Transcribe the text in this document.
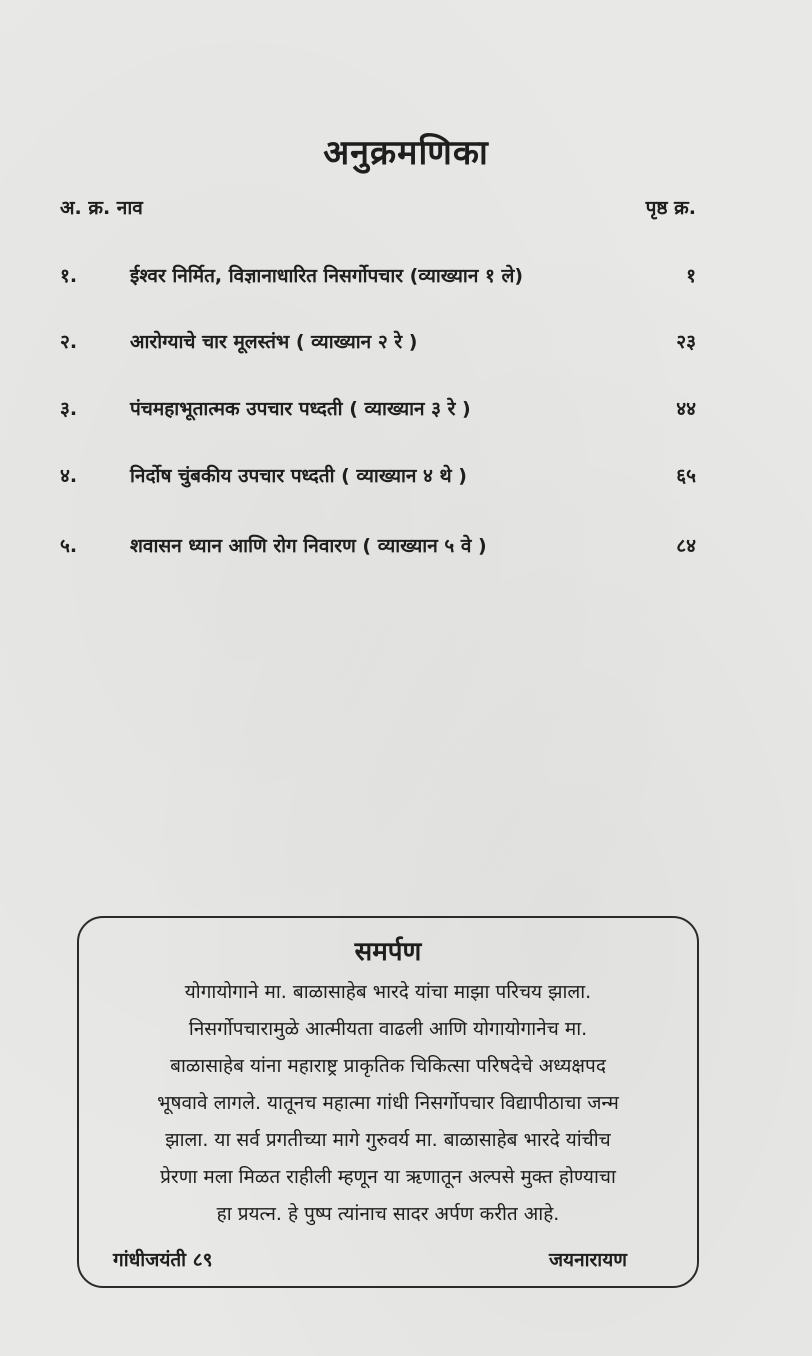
अनुक्रमणिका
अ. क्र. नाव	पृष्ठ क्र.
१.	ईश्वर निर्मित, विज्ञानाधारित निसर्गोपचार (व्याख्यान १ ले)	१
२.	आरोग्याचे चार मूलस्तंभ ( व्याख्यान २ रे )	२३
३.	पंचमहाभूतात्मक उपचार पध्दती ( व्याख्यान ३ रे )	४४
४.	निर्दोष चुंबकीय उपचार पध्दती ( व्याख्यान ४ थे )	६५
५.	शवासन ध्यान आणि रोग निवारण ( व्याख्यान ५ वे )	८४
समर्पण
योगायोगाने मा. बाळासाहेब भारदे यांचा माझा परिचय झाला.
निसर्गोपचारामुळे आत्मीयता वाढली आणि योगायोगानेच मा.
बाळासाहेब यांना महाराष्ट्र प्राकृतिक चिकित्सा परिषदेचे अध्यक्षपद
भूषवावे लागले. यातूनच महात्मा गांधी निसर्गोपचार विद्यापीठाचा जन्म
झाला. या सर्व प्रगतीच्या मागे गुरुवर्य मा. बाळासाहेब भारदे यांचीच
प्रेरणा मला मिळत राहीली म्हणून या ऋणातून अल्पसे मुक्त होण्याचा
हा प्रयत्न. हे पुष्प त्यांनाच सादर अर्पण करीत आहे.
गांधीजयंती ८९	जयनारायण
